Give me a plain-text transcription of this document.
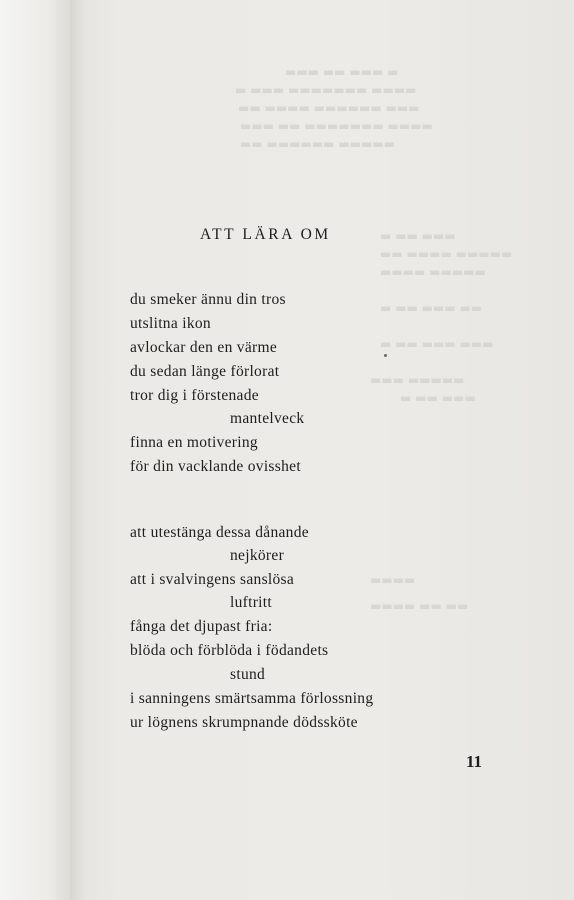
▬▬▬ ▬▬ ▬▬▬ ▬
▬ ▬▬▬ ▬▬▬▬▬▬▬ ▬▬▬▬
▬▬ ▬▬▬▬ ▬▬▬▬▬▬ ▬▬▬
▬▬▬ ▬▬ ▬▬▬▬▬▬▬ ▬▬▬▬
▬▬ ▬▬▬▬▬▬ ▬▬▬▬▬
▬ ▬▬ ▬▬▬
▬▬ ▬▬▬▬ ▬▬▬▬▬
▬▬▬▬ ▬▬▬▬▬
▬ ▬▬ ▬▬▬ ▬▬
▬ ▬▬ ▬▬▬ ▬▬▬
▬▬▬ ▬▬▬▬▬
▬ ▬▬ ▬▬▬
▬▬▬▬
▬▬▬▬ ▬▬ ▬▬
ATT LÄRA OM
du smeker ännu din tros
utslitna ikon
avlockar den en värme
du sedan länge förlorat
tror dig i förstenade
mantelveck
finna en motivering
för din vacklande ovisshet
att utestänga dessa dånande
nejkörer
att i svalvingens sanslösa
luftritt
fånga det djupast fria:
blöda och förblöda i födandets
stund
i sanningens smärtsamma förlossning
ur lögnens skrumpnande dödssköte
11
